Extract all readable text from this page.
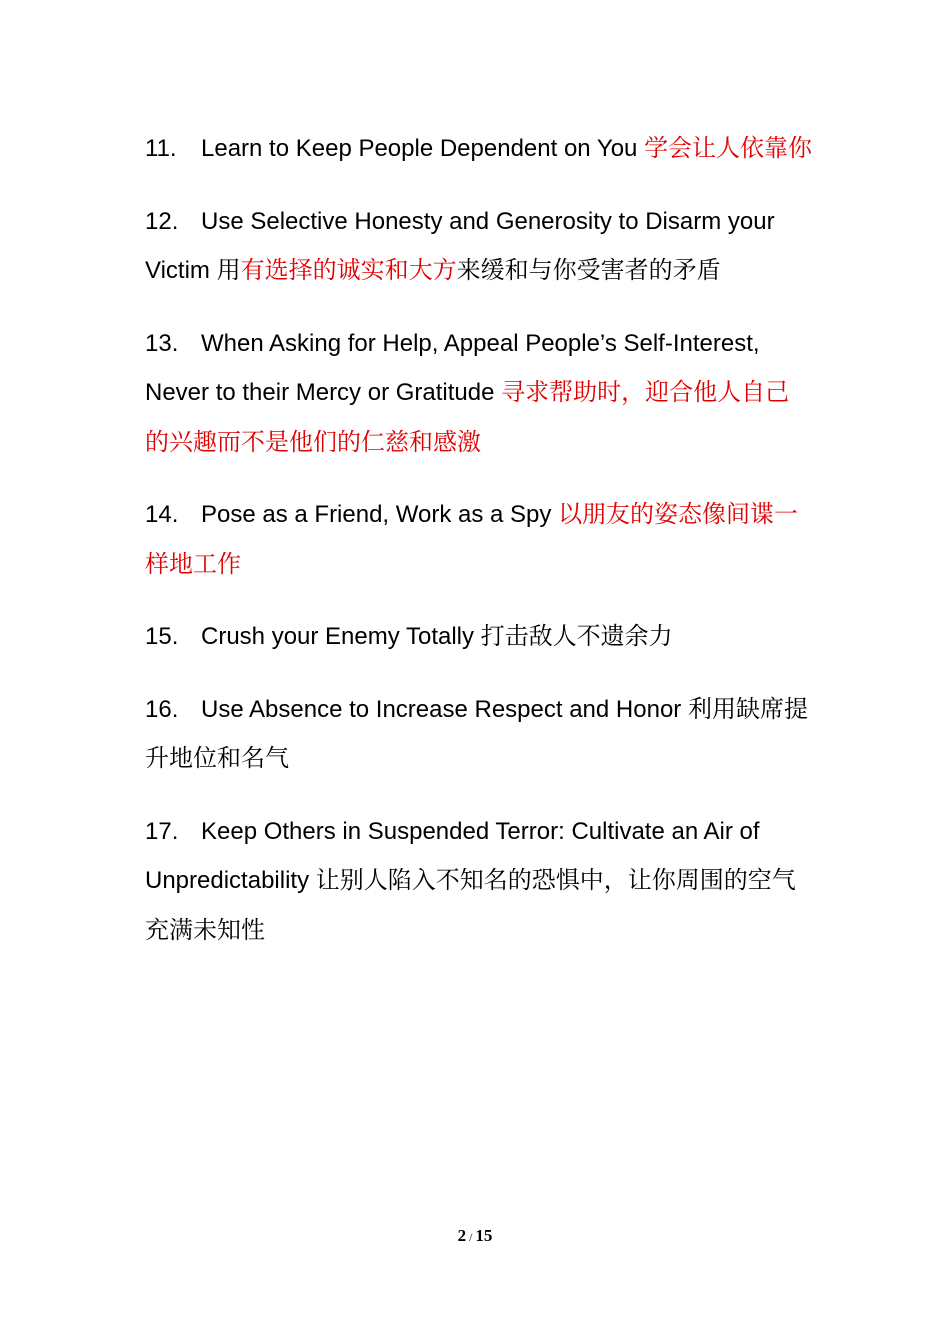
11. Learn to Keep People Dependent on You 学会让人依靠你

12. Use Selective Honesty and Generosity to Disarm your Victim 用有选择的诚实和大方来缓和与你受害者的矛盾

13. When Asking for Help, Appeal People’s Self-Interest, Never to their Mercy or Gratitude 寻求帮助时，迎合他人自己的兴趣而不是他们的仁慈和感激

14. Pose as a Friend, Work as a Spy 以朋友的姿态像间谍一样地工作

15. Crush your Enemy Totally 打击敌人不遗余力

16. Use Absence to Increase Respect and Honor 利用缺席提升地位和名气

17. Keep Others in Suspended Terror: Cultivate an Air of Unpredictability 让别人陷入不知名的恐惧中，让你周围的空气充满未知性

2 / 15
